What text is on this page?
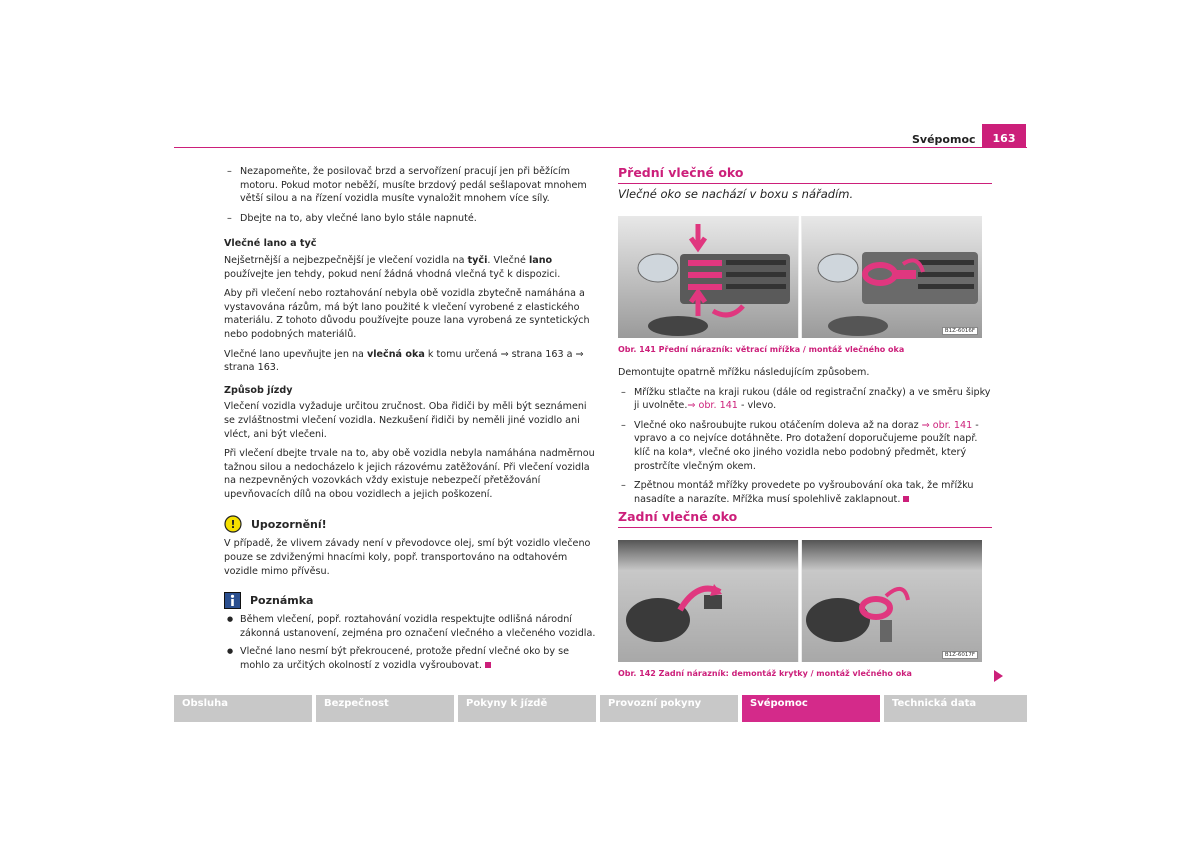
Svépomoc	163
– Nezapomeňte, že posilovač brzd a servořízení pracují jen při běžícím motoru. Pokud motor neběží, musíte brzdový pedál sešlapovat mnohem větší silou a na řízení vozidla musíte vynaložit mnohem více síly.
– Dbejte na to, aby vlečné lano bylo stále napnuté.
Vlečné lano a tyč

Nejšetrnější a nejbezpečnější je vlečení vozidla na tyči. Vlečné lano používejte jen tehdy, pokud není žádná vhodná vlečná tyč k dispozici.

Aby při vlečení nebo roztahování nebyla obě vozidla zbytečně namáhána a vystavována rázům, má být lano použité k vlečení vyrobené z elastického materiálu. Z tohoto důvodu používejte pouze lana vyrobená ze syntetických nebo podobných materiálů.

Vlečné lano upevňujte jen na vlečná oka k tomu určená ⇒ strana 163 a ⇒ strana 163.

Způsob jízdy

Vlečení vozidla vyžaduje určitou zručnost. Oba řidiči by měli být seznámeni se zvláštnostmi vlečení vozidla. Nezkušení řidiči by neměli jiné vozidlo ani vléct, ani být vlečeni.

Při vlečení dbejte trvale na to, aby obě vozidla nebyla namáhána nadměrnou tažnou silou a nedocházelo k jejich rázovému zatěžování. Při vlečení vozidla na nezpevněných vozovkách vždy existuje nebezpečí přetěžování upevňovacích dílů na obou vozidlech a jejich poškození.

! Upozornění!

V případě, že vlivem závady není v převodovce olej, smí být vozidlo vlečeno pouze se zdviženými hnacími koly, popř. transportováno na odtahovém vozidle mimo přívěsu.

Poznámka
● Během vlečení, popř. roztahování vozidla respektujte odlišná národní zákonná ustanovení, zejména pro označení vlečného a vlečeného vozidla.
● Vlečné lano nesmí být překroucené, protože přední vlečné oko by se mohlo za určitých okolností z vozidla vyšroubovat.
Přední vlečné oko
Vlečné oko se nachází v boxu s nářadím.
B1Z-6016F
Obr. 141 Přední nárazník: větrací mřížka / montáž vlečného oka

Demontujte opatrně mřížku následujícím způsobem.

– Mřížku stlačte na kraji rukou (dále od registrační značky) a ve směru šipky ji uvolněte.⇒ obr. 141 - vlevo.
– Vlečné oko našroubujte rukou otáčením doleva až na doraz ⇒ obr. 141 - vpravo a co nejvíce dotáhněte. Pro dotažení doporučujeme použít např. klíč na kola*, vlečné oko jiného vozidla nebo podobný předmět, který prostrčíte vlečným okem.
– Zpětnou montáž mřížky provedete po vyšroubování oka tak, že mřížku nasadíte a narazíte. Mřížka musí spolehlivě zaklapnout.
Zadní vlečné oko
B1Z-6017F
Obr. 142 Zadní nárazník: demontáž krytky / montáž vlečného oka
Obsluha	Bezpečnost	Pokyny k jízdě	Provozní pokyny	Svépomoc	Technická data
